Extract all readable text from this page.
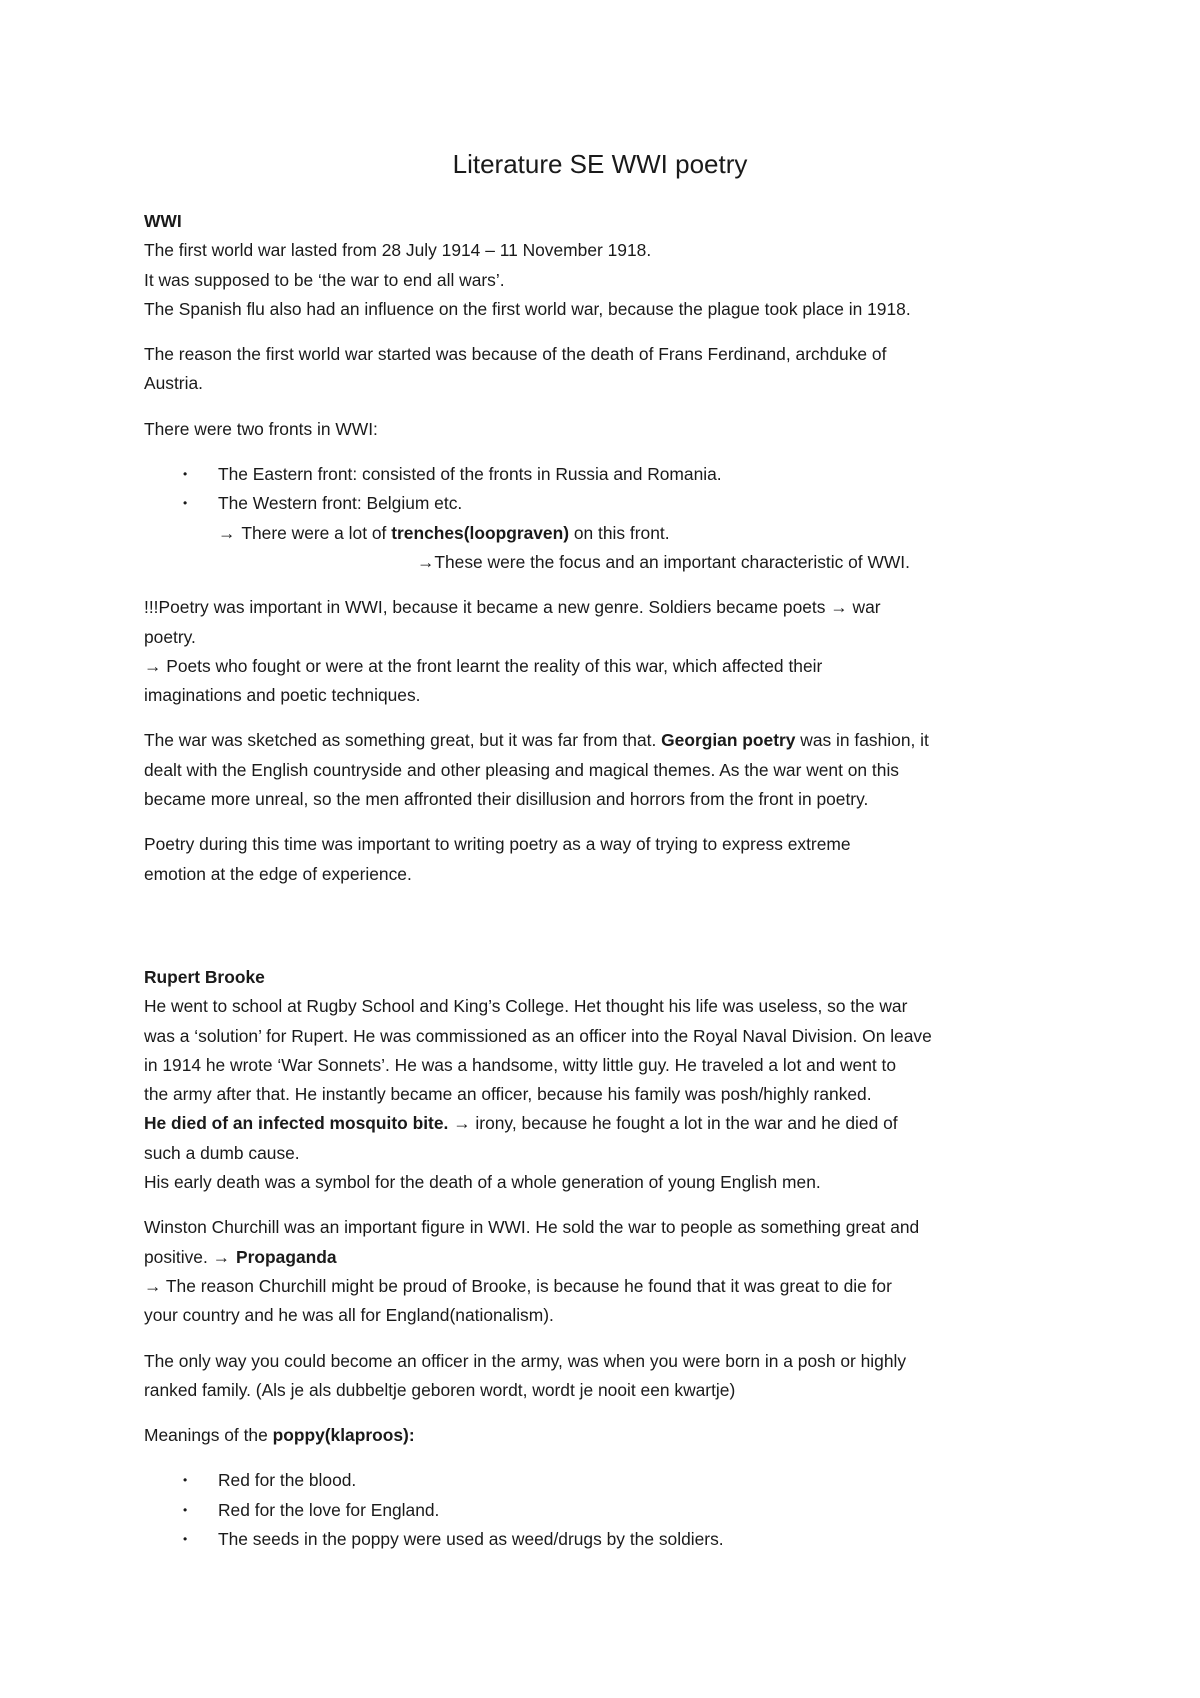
Literature SE WWI poetry
WWI
The first world war lasted from 28 July 1914 – 11 November 1918.
It was supposed to be ‘the war to end all wars’.
The Spanish flu also had an influence on the first world war, because the plague took place in 1918.
The reason the first world war started was because of the death of Frans Ferdinand, archduke of
Austria.
There were two fronts in WWI:
• The Eastern front: consisted of the fronts in Russia and Romania.
• The Western front: Belgium etc.
→ There were a lot of trenches(loopgraven) on this front.
→These were the focus and an important characteristic of WWI.
!!!Poetry was important in WWI, because it became a new genre. Soldiers became poets → war
poetry.
→ Poets who fought or were at the front learnt the reality of this war, which affected their
imaginations and poetic techniques.
The war was sketched as something great, but it was far from that. Georgian poetry was in fashion, it
dealt with the English countryside and other pleasing and magical themes. As the war went on this
became more unreal, so the men affronted their disillusion and horrors from the front in poetry.
Poetry during this time was important to writing poetry as a way of trying to express extreme
emotion at the edge of experience.
Rupert Brooke
He went to school at Rugby School and King’s College. Het thought his life was useless, so the war
was a ‘solution’ for Rupert. He was commissioned as an officer into the Royal Naval Division. On leave
in 1914 he wrote ‘War Sonnets’. He was a handsome, witty little guy. He traveled a lot and went to
the army after that. He instantly became an officer, because his family was posh/highly ranked.
He died of an infected mosquito bite. → irony, because he fought a lot in the war and he died of
such a dumb cause.
His early death was a symbol for the death of a whole generation of young English men.
Winston Churchill was an important figure in WWI. He sold the war to people as something great and
positive. → Propaganda
→ The reason Churchill might be proud of Brooke, is because he found that it was great to die for
your country and he was all for England(nationalism).
The only way you could become an officer in the army, was when you were born in a posh or highly
ranked family. (Als je als dubbeltje geboren wordt, wordt je nooit een kwartje)
Meanings of the poppy(klaproos):
• Red for the blood.
• Red for the love for England.
• The seeds in the poppy were used as weed/drugs by the soldiers.
